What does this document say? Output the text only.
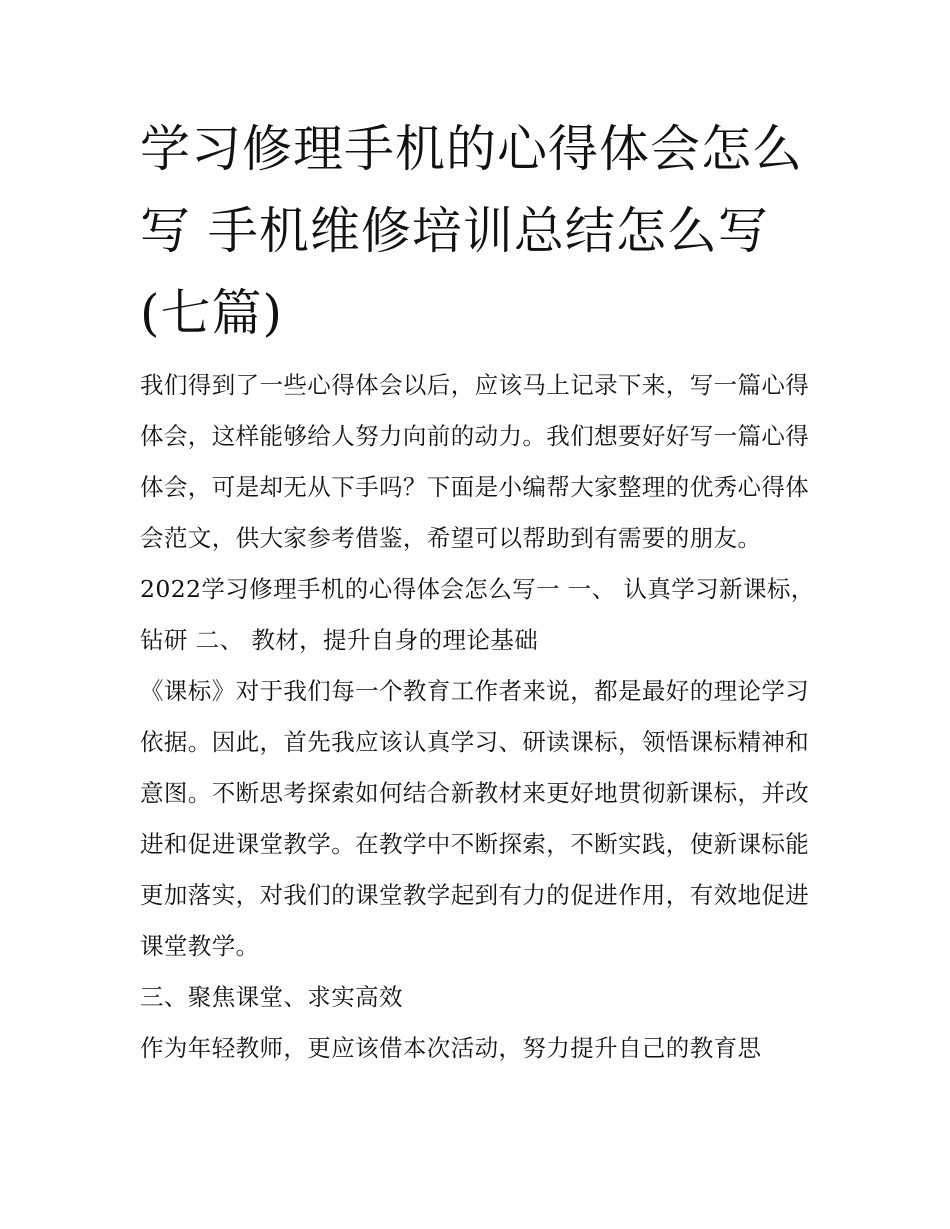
学习修理手机的心得体会怎么写 手机维修培训总结怎么写(七篇)

我们得到了一些心得体会以后，应该马上记录下来，写一篇心得体会，这样能够给人努力向前的动力。我们想要好好写一篇心得体会，可是却无从下手吗？下面是小编帮大家整理的优秀心得体会范文，供大家参考借鉴，希望可以帮助到有需要的朋友。

2022学习修理手机的心得体会怎么写一 一、 认真学习新课标，钻研 二、 教材，提升自身的理论基础

《课标》对于我们每一个教育工作者来说，都是最好的理论学习依据。因此，首先我应该认真学习、研读课标，领悟课标精神和意图。不断思考探索如何结合新教材来更好地贯彻新课标，并改进和促进课堂教学。在教学中不断探索，不断实践，使新课标能更加落实，对我们的课堂教学起到有力的促进作用，有效地促进课堂教学。

三、聚焦课堂、求实高效

作为年轻教师，更应该借本次活动，努力提升自己的教育思
